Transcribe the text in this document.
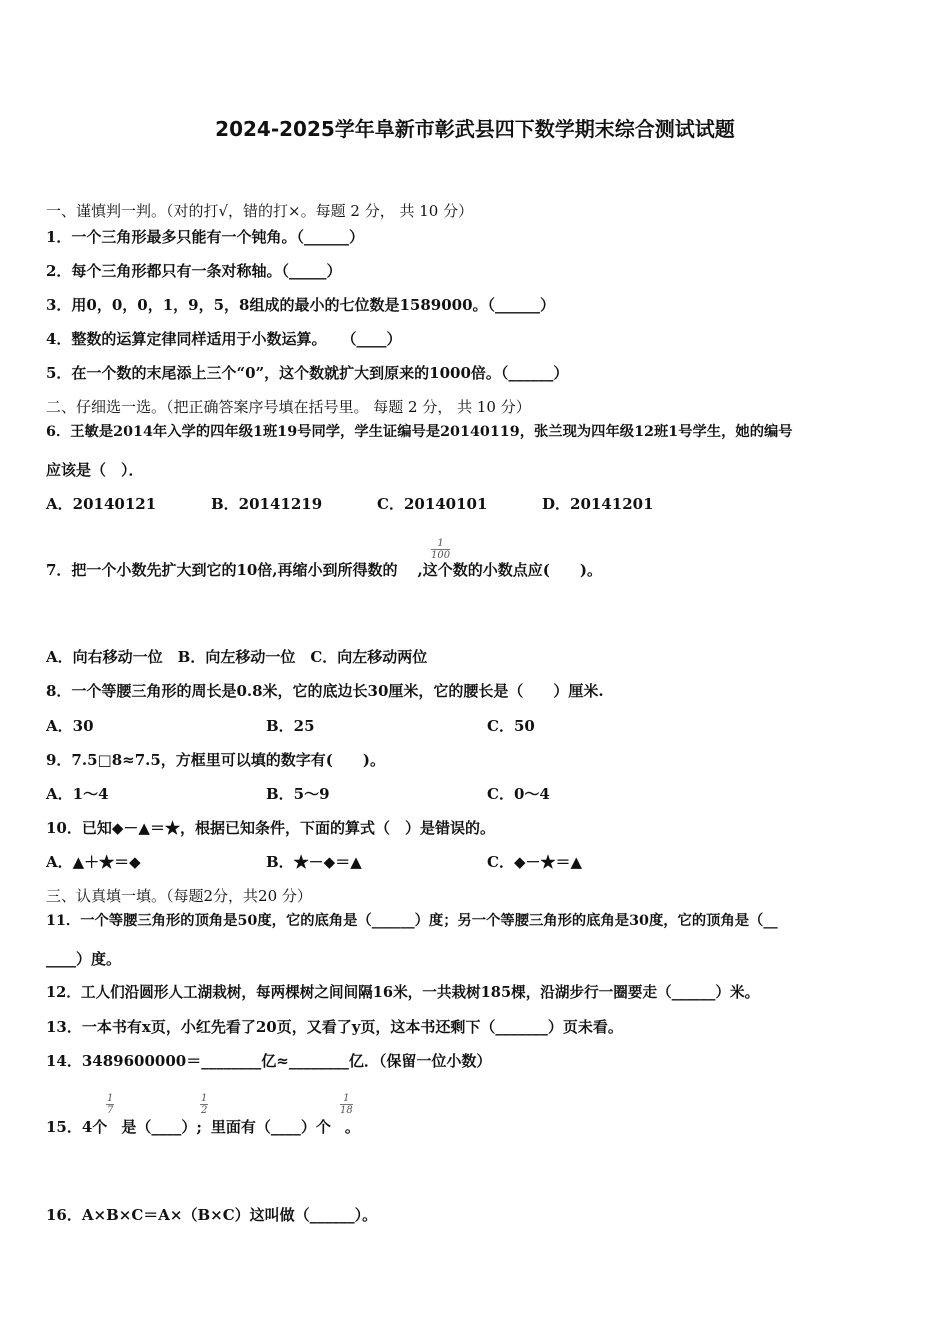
2024-2025学年阜新市彰武县四下数学期末综合测试试题
一、谨慎判一判。（对的打√，错的打×。每题 2 分， 共 10 分）
1．一个三角形最多只能有一个钝角。（______）
2．每个三角形都只有一条对称轴。（_____）
3．用0，0，0，1，9，5，8组成的最小的七位数是1589000。（______）
4．整数的运算定律同样适用于小数运算。　　（____）
5．在一个数的末尾添上三个“0”，这个数就扩大到原来的1000倍。（______）
二、仔细选一选。（把正确答案序号填在括号里。 每题 2 分， 共 10 分）
6．王敏是2014年入学的四年级1班19号同学，学生证编号是20140119，张兰现为四年级12班1号学生，她的编号
应该是（　）．
A．20140121	B．20141219	C．20140101	D．20141201
7．把一个小数先扩大到它的10倍,再缩小到所得数的 ,这个数的小数点应(　　)。
$\frac{1}{100}$
A．向右移动一位　B．向左移动一位　C．向左移动两位
8．一个等腰三角形的周长是0.8米，它的底边长30厘米，它的腰长是（　　）厘米.
A．30	B．25	C．50
9．7.5□8≈7.5，方框里可以填的数字有(　　)。
A．1～4	B．5～9	C．0～4
10．已知◆－▲＝★，根据已知条件，下面的算式（　）是错误的。
A．▲＋★＝◆	B．★－◆＝▲	C．◆－★＝▲
三、认真填一填。（每题2分，共20 分）
11．一个等腰三角形的顶角是50度，它的底角是（______）度；另一个等腰三角形的底角是30度，它的顶角是（__
____）度。
12．工人们沿圆形人工湖栽树，每两棵树之间间隔16米，一共栽树185棵，沿湖步行一圈要走（______）米。
13．一本书有x页，小红先看了20页，又看了y页，这本书还剩下（_______）页未看。
14．3489600000＝________亿≈________亿．（保留一位小数）
15．4个 是（____）; 里面有（____）个 。
$\frac{1}{7}$	$\frac{1}{2}$	$\frac{1}{18}$
16．A×B×C＝A×（B×C）这叫做（______）。
